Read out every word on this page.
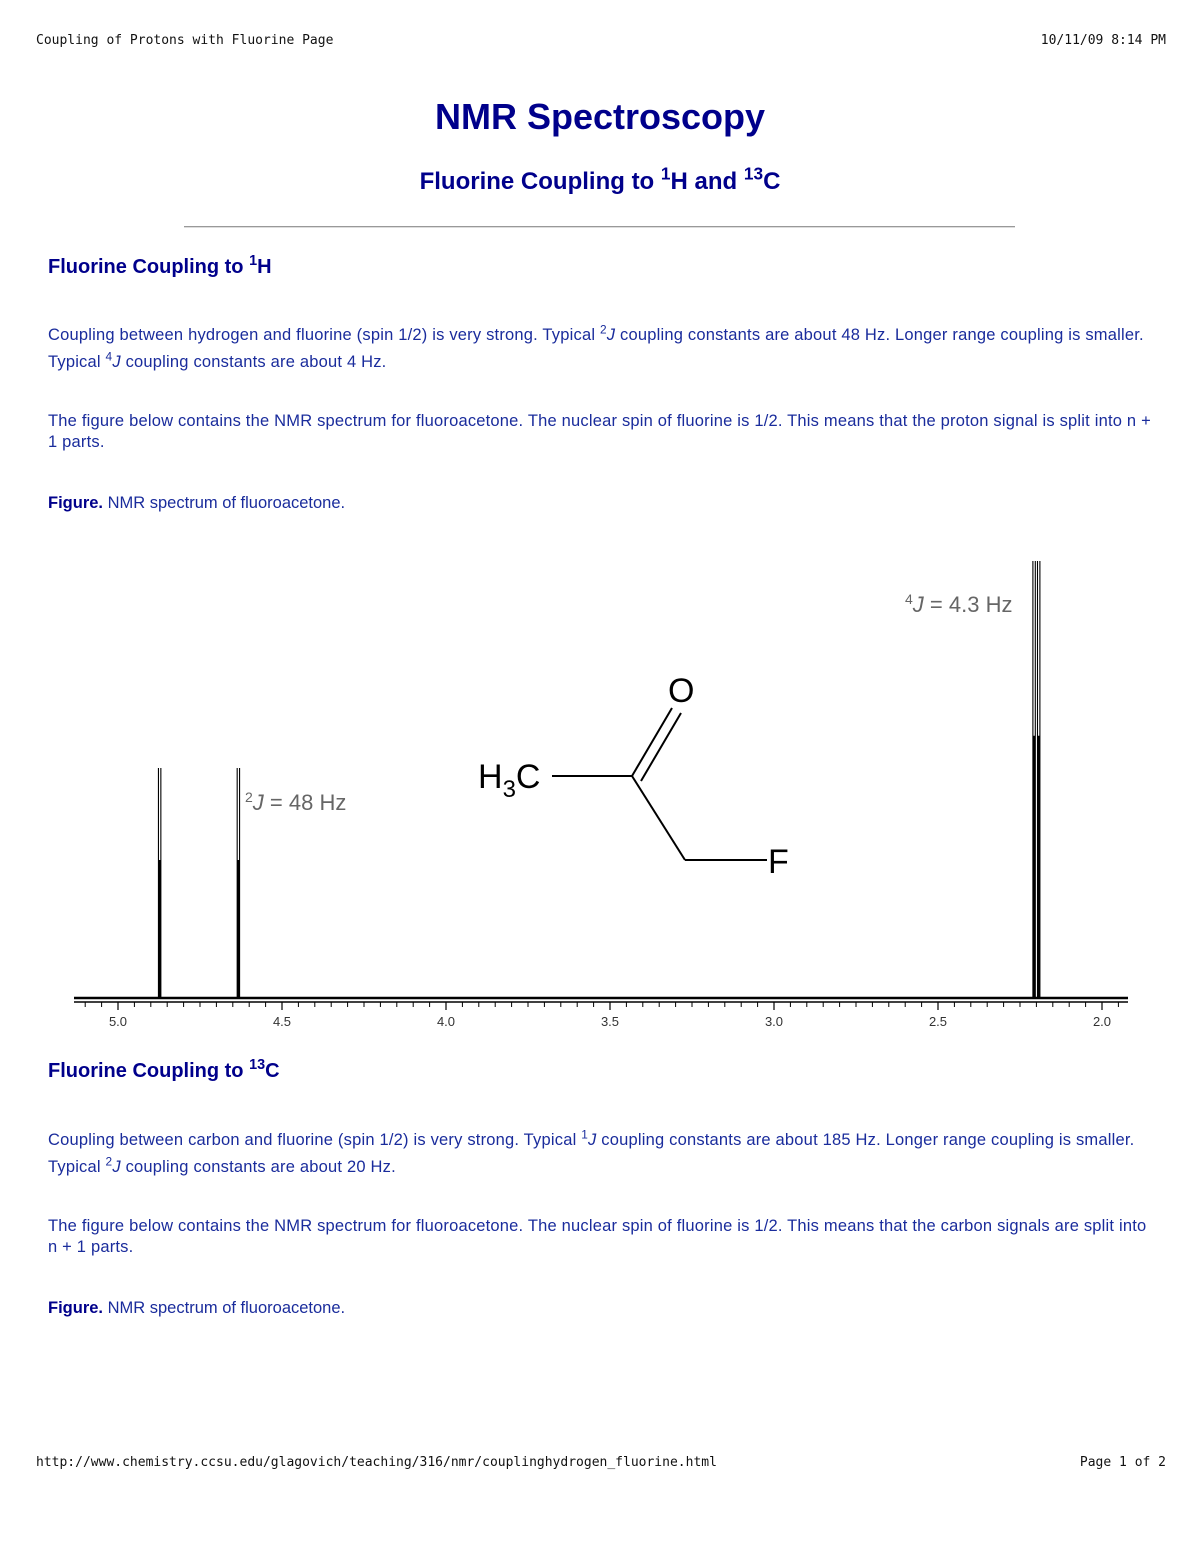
Coupling of Protons with Fluorine Page	10/11/09 8:14 PM
NMR Spectroscopy
Fluorine Coupling to $^1$H and $^{13}$C
Fluorine Coupling to $^1$H
Coupling between hydrogen and fluorine (spin 1/2) is very strong. Typical $^2$J coupling constants are about 48 Hz. Longer range coupling is smaller. Typical $^4$J coupling constants are about 4 Hz.
The figure below contains the NMR spectrum for fluoroacetone. The nuclear spin of fluorine is 1/2. This means that the proton signal is split into n + 1 parts.
Figure. NMR spectrum of fluoroacetone.
5.0	4.5	4.0	3.5	3.0	2.5	2.0
$^2$J = 48 Hz
$^4$J = 4.3 Hz
$H_3C$
O
F
Fluorine Coupling to $^{13}$C
Coupling between carbon and fluorine (spin 1/2) is very strong. Typical $^1$J coupling constants are about 185 Hz. Longer range coupling is smaller. Typical $^2$J coupling constants are about 20 Hz.
The figure below contains the NMR spectrum for fluoroacetone. The nuclear spin of fluorine is 1/2. This means that the carbon signals are split into n + 1 parts.
Figure. NMR spectrum of fluoroacetone.
http://www.chemistry.ccsu.edu/glagovich/teaching/316/nmr/couplinghydrogen_fluorine.html	Page 1 of 2
